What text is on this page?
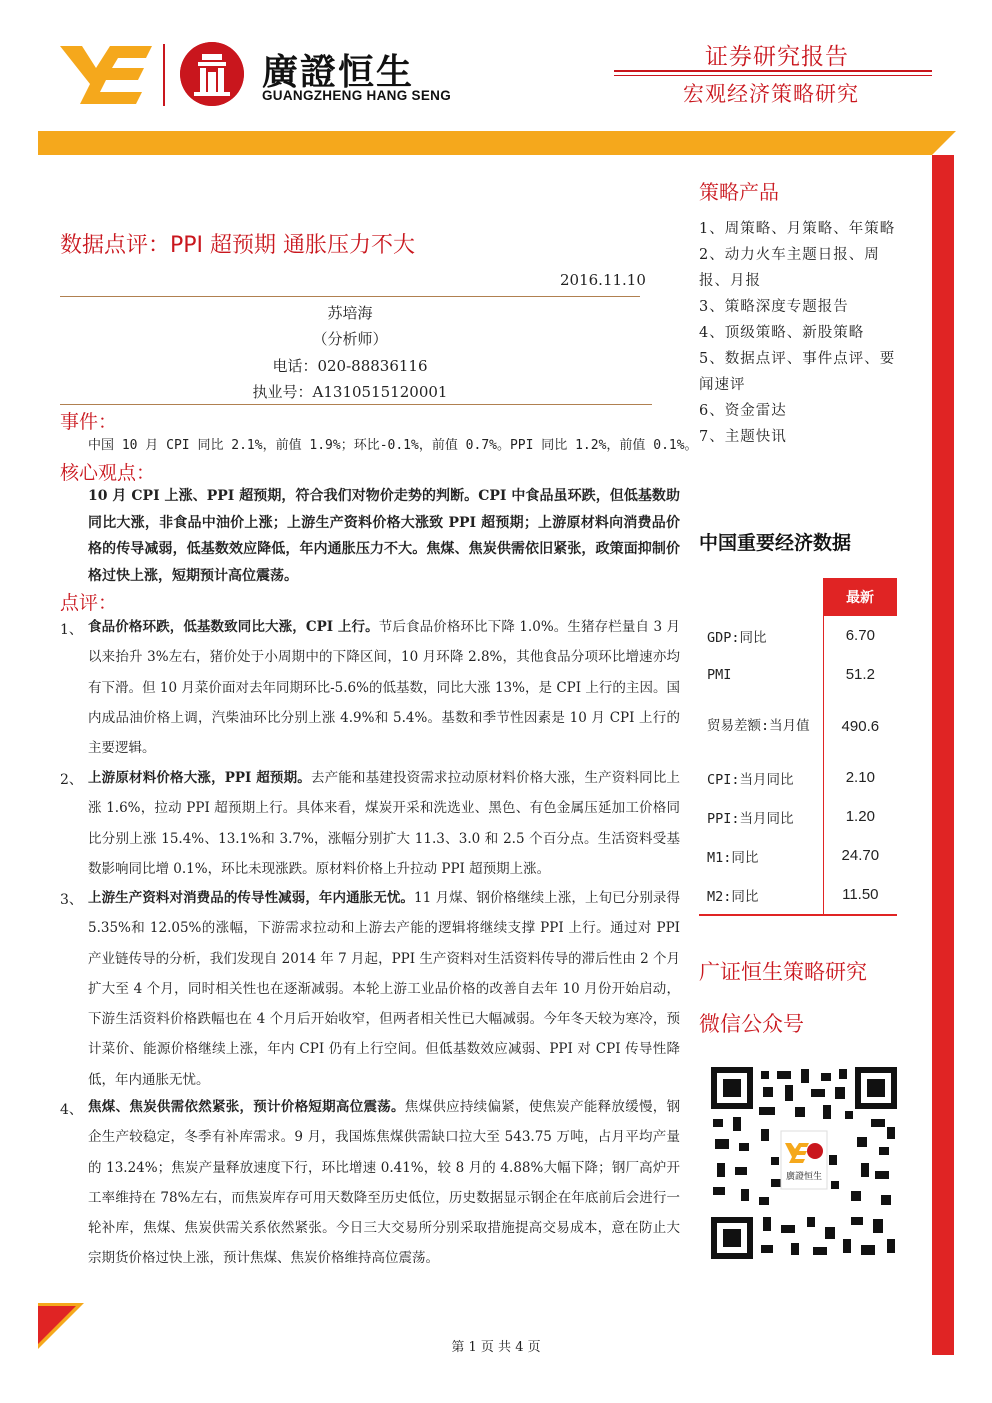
廣證恒生
GUANGZHENG HANG SENG
证券研究报告
宏观经济策略研究
数据点评：PPI 超预期 通胀压力不大
2016.11.10
苏培海
（分析师）
电话：020-88836116
执业号：A1310515120001
事件：
中国 10 月 CPI 同比 2.1%，前值 1.9%；环比-0.1%，前值 0.7%。PPI 同比 1.2%，前值 0.1%。
核心观点：
10 月 CPI 上涨、PPI 超预期，符合我们对物价走势的判断。CPI 中食品虽环跌，但低基数助同比大涨，非食品中油价上涨；上游生产资料价格大涨致 PPI 超预期；上游原材料向消费品价格的传导减弱，低基数效应降低，年内通胀压力不大。焦煤、焦炭供需依旧紧张，政策面抑制价格过快上涨，短期预计高位震荡。
点评：
1、 食品价格环跌，低基数致同比大涨，CPI 上行。节后食品价格环比下降 1.0%。生猪存栏量自 3 月以来抬升 3%左右，猪价处于小周期中的下降区间，10 月环降 2.8%，其他食品分项环比增速亦均有下滑。但 10 月菜价面对去年同期环比-5.6%的低基数，同比大涨 13%，是 CPI 上行的主因。国内成品油价格上调，汽柴油环比分别上涨 4.9%和 5.4%。基数和季节性因素是 10 月 CPI 上行的主要逻辑。
2、 上游原材料价格大涨，PPI 超预期。去产能和基建投资需求拉动原材料价格大涨，生产资料同比上涨 1.6%，拉动 PPI 超预期上行。具体来看，煤炭开采和洗选业、黑色、有色金属压延加工价格同比分别上涨 15.4%、13.1%和 3.7%，涨幅分别扩大 11.3、3.0 和 2.5 个百分点。生活资料受基数影响同比增 0.1%，环比未现涨跌。原材料价格上升拉动 PPI 超预期上涨。
3、 上游生产资料对消费品的传导性减弱，年内通胀无忧。11 月煤、钢价格继续上涨，上旬已分别录得 5.35%和 12.05%的涨幅，下游需求拉动和上游去产能的逻辑将继续支撑 PPI 上行。通过对 PPI 产业链传导的分析，我们发现自 2014 年 7 月起，PPI 生产资料对生活资料传导的滞后性由 2 个月扩大至 4 个月，同时相关性也在逐渐减弱。本轮上游工业品价格的改善自去年 10 月份开始启动，下游生活资料价格跌幅也在 4 个月后开始收窄，但两者相关性已大幅减弱。今年冬天较为寒冷，预计菜价、能源价格继续上涨，年内 CPI 仍有上行空间。但低基数效应减弱、PPI 对 CPI 传导性降低，年内通胀无忧。
4、 焦煤、焦炭供需依然紧张，预计价格短期高位震荡。焦煤供应持续偏紧，使焦炭产能释放缓慢，钢企生产较稳定，冬季有补库需求。9 月，我国炼焦煤供需缺口拉大至 543.75 万吨，占月平均产量的 13.24%；焦炭产量释放速度下行，环比增速 0.41%，较 8 月的 4.88%大幅下降；钢厂高炉开工率维持在 78%左右，而焦炭库存可用天数降至历史低位，历史数据显示钢企在年底前后会进行一轮补库，焦煤、焦炭供需关系依然紧张。今日三大交易所分别采取措施提高交易成本，意在防止大宗期货价格过快上涨，预计焦煤、焦炭价格维持高位震荡。
策略产品
1、周策略、月策略、年策略
2、动力火车主题日报、周报、月报
3、策略深度专题报告
4、顶级策略、新股策略
5、数据点评、事件点评、要闻速评
6、资金雷达
7、主题快讯
中国重要经济数据
	最新
GDP:同比	6.70
PMI	51.2
贸易差额:当月值	490.6
CPI:当月同比	2.10
PPI:当月同比	1.20
M1:同比	24.70
M2:同比	11.50
广证恒生策略研究
微信公众号
廣證恒生
第 1 页 共 4 页
